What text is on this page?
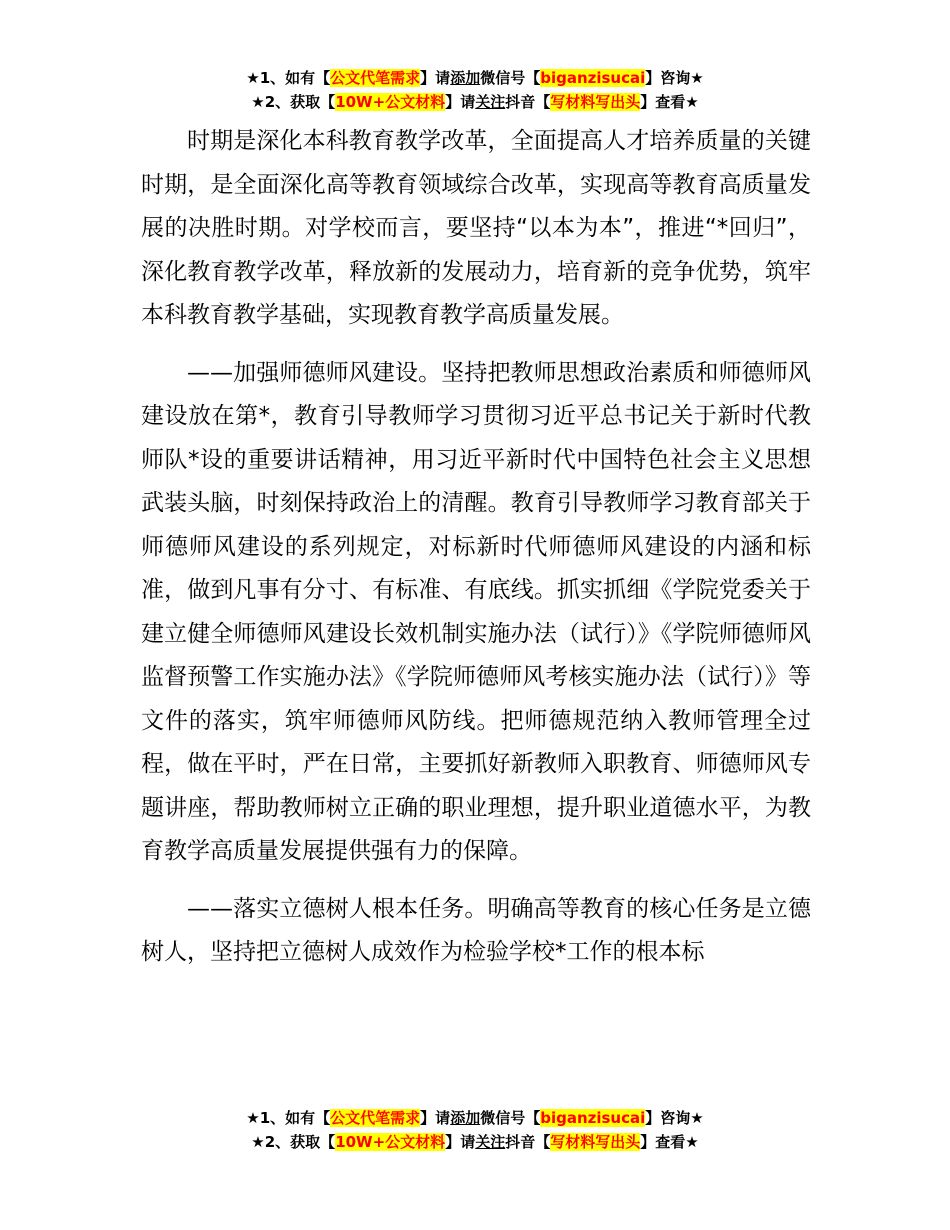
★1、如有【公文代笔需求】请添加微信号【biganzisucai】咨询★
★2、获取【10W+公文材料】请关注抖音【写材料写出头】查看★

时期是深化本科教育教学改革，全面提高人才培养质量的关键时期，是全面深化高等教育领域综合改革，实现高等教育高质量发展的决胜时期。对学校而言，要坚持“以本为本”，推进“*回归”，深化教育教学改革，释放新的发展动力，培育新的竞争优势，筑牢本科教育教学基础，实现教育教学高质量发展。

——加强师德师风建设。坚持把教师思想政治素质和师德师风建设放在第*，教育引导教师学习贯彻习近平总书记关于新时代教师队*设的重要讲话精神，用习近平新时代中国特色社会主义思想武装头脑，时刻保持政治上的清醒。教育引导教师学习教育部关于师德师风建设的系列规定，对标新时代师德师风建设的内涵和标准，做到凡事有分寸、有标准、有底线。抓实抓细《学院党委关于建立健全师德师风建设长效机制实施办法（试行）》《学院师德师风监督预警工作实施办法》《学院师德师风考核实施办法（试行）》等文件的落实，筑牢师德师风防线。把师德规范纳入教师管理全过程，做在平时，严在日常，主要抓好新教师入职教育、师德师风专题讲座，帮助教师树立正确的职业理想，提升职业道德水平，为教育教学高质量发展提供强有力的保障。

——落实立德树人根本任务。明确高等教育的核心任务是立德树人，坚持把立德树人成效作为检验学校*工作的根本标

★1、如有【公文代笔需求】请添加微信号【biganzisucai】咨询★
★2、获取【10W+公文材料】请关注抖音【写材料写出头】查看★
